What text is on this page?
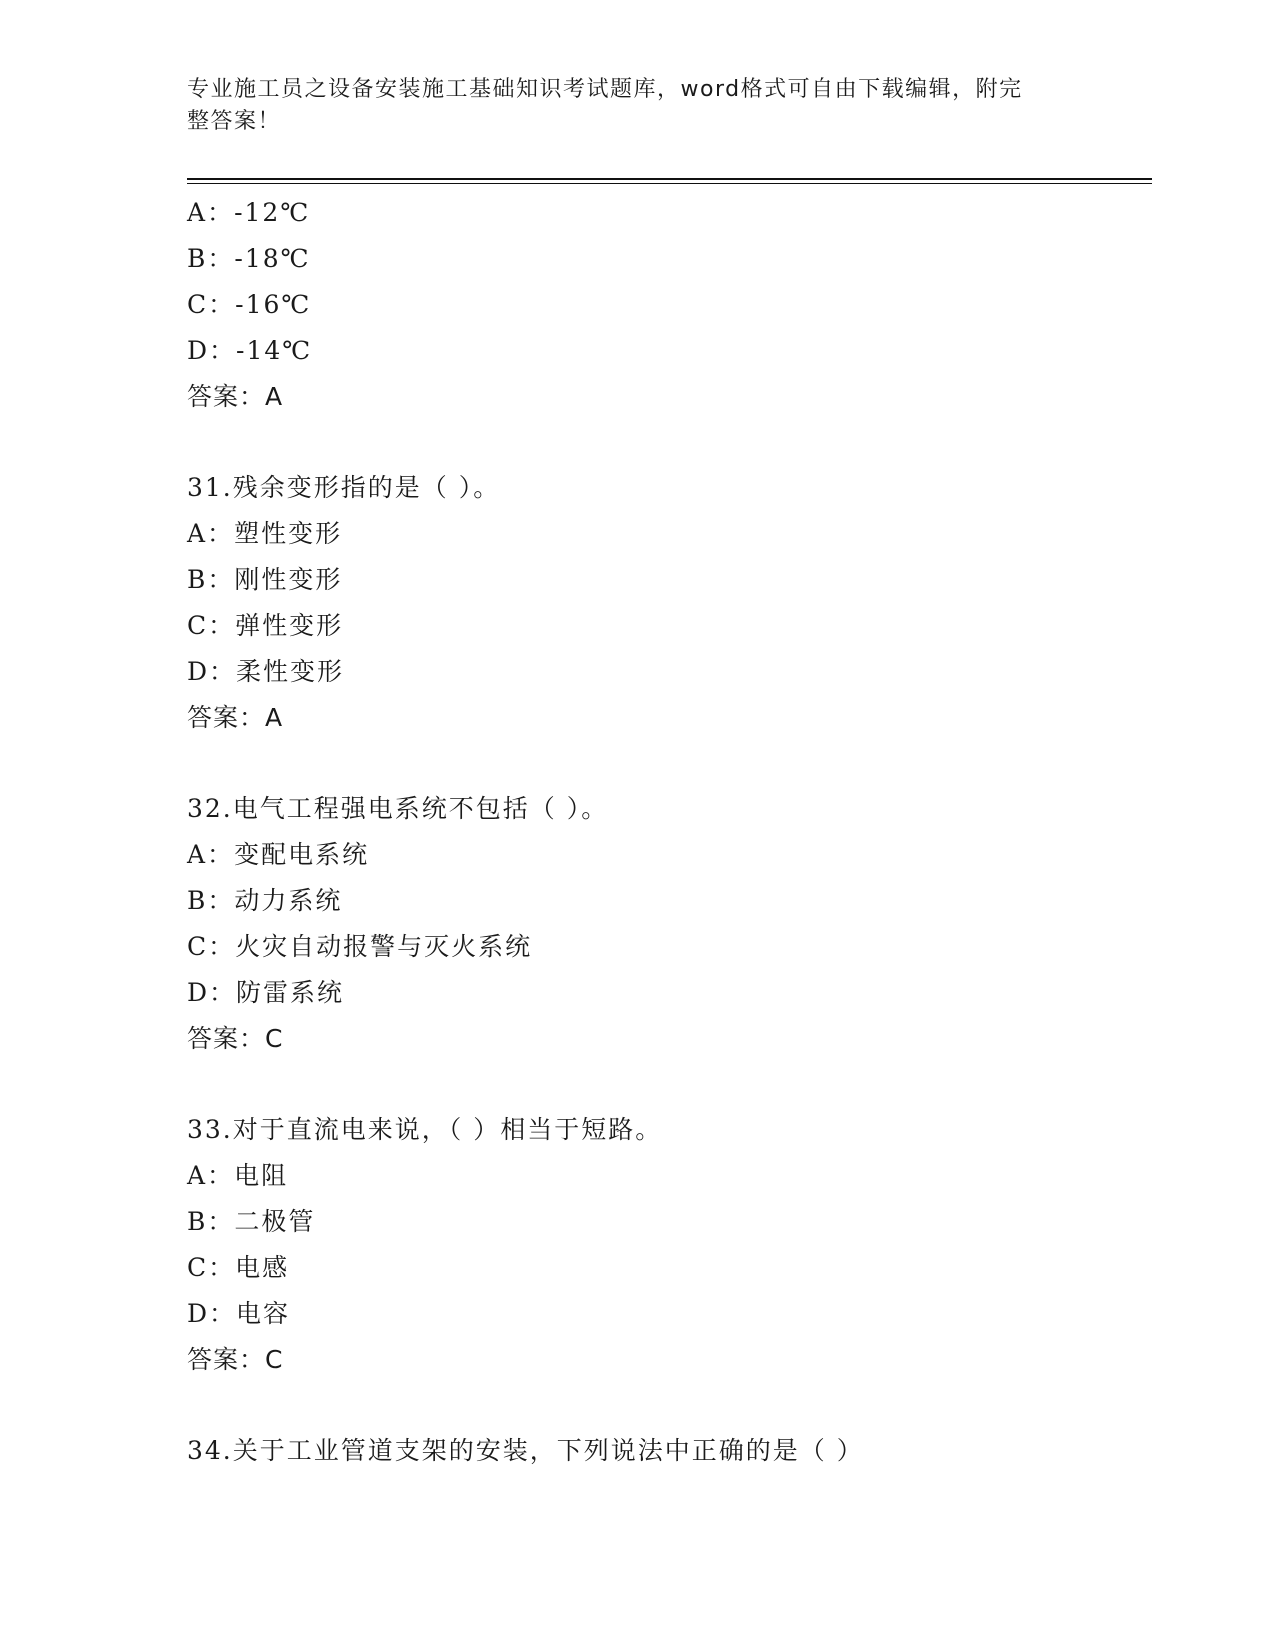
专业施工员之设备安装施工基础知识考试题库，word格式可自由下载编辑，附完
整答案！
A：-12℃
B：-18℃
C：-16℃
D：-14℃
答案：A
31.残余变形指的是（ ）。
A：塑性变形
B：刚性变形
C：弹性变形
D：柔性变形
答案：A
32.电气工程强电系统不包括（ ）。
A：变配电系统
B：动力系统
C：火灾自动报警与灭火系统
D：防雷系统
答案：C
33.对于直流电来说，（ ）相当于短路。
A：电阻
B：二极管
C：电感
D：电容
答案：C
34.关于工业管道支架的安装，下列说法中正确的是（ ）
